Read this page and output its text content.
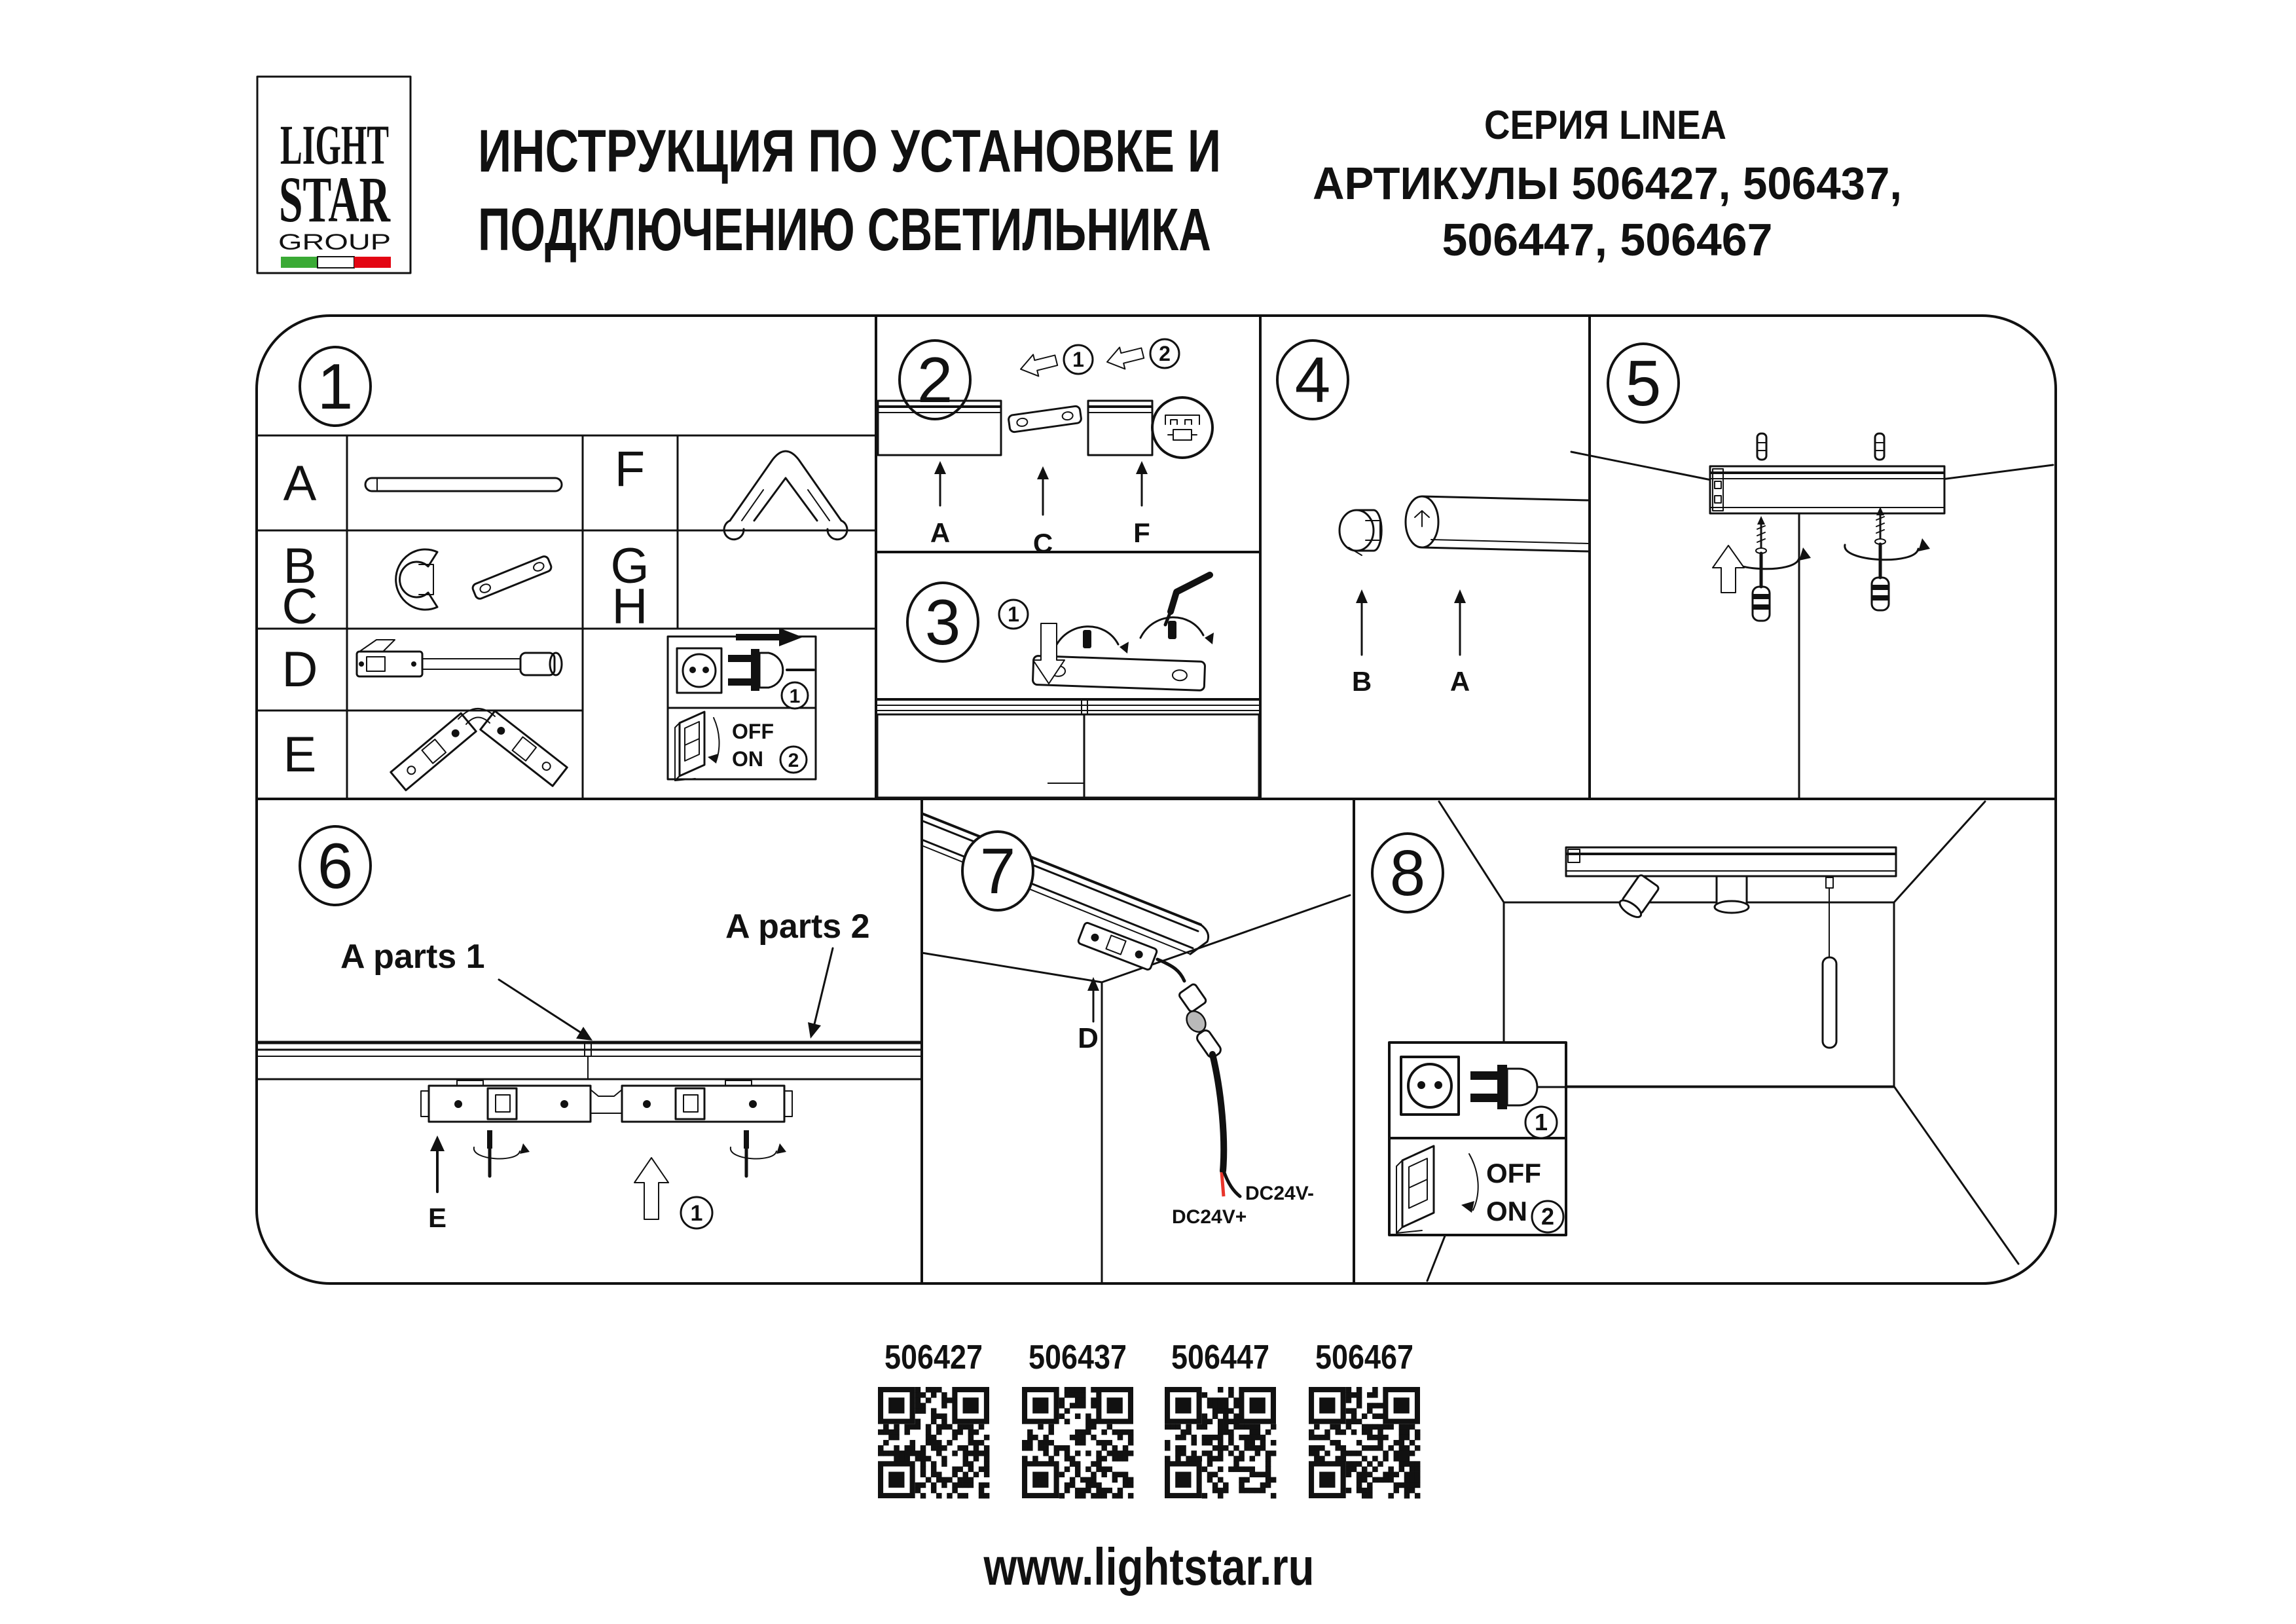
LIGHT
STAR
GROUP
ИНСТРУКЦИЯ ПО УСТАНОВКЕ И
ПОДКЛЮЧЕНИЮ СВЕТИЛЬНИКА
СЕРИЯ LINEA
АРТИКУЛЫ 506427, 506437,
506447, 506467
1
A
B
C
D
E
F
G
H
1
OFF
ON 2
2	1	2
A	C	F
3 1
4
B	A
5
6
A parts 1
A parts 2
E	1
D
DC24V-
DC24V+
7
1
OFF
ON 2
8
506427 506437 506447 506467
www.lightstar.ru
